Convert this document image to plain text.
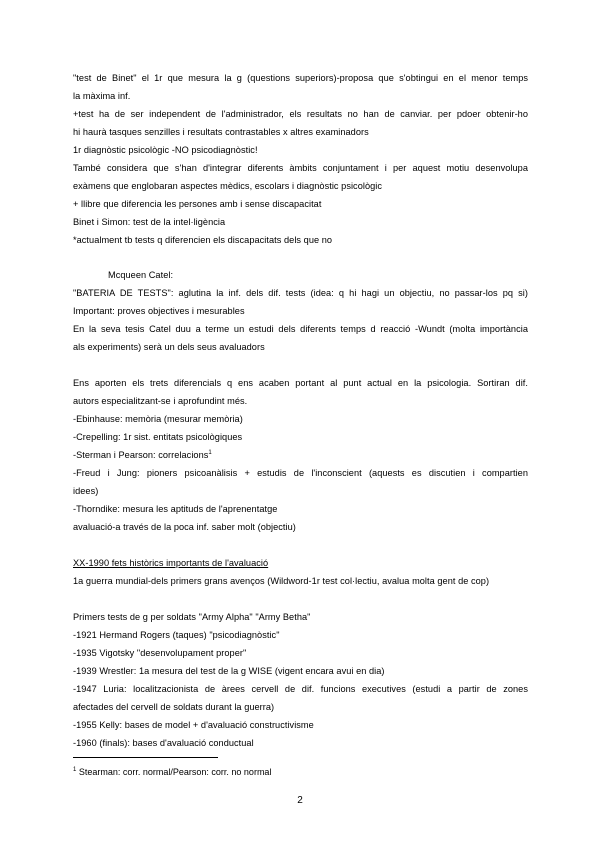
"test de Binet" el 1r que mesura la g (questions superiors)-proposa que s'obtingui en el menor temps
la màxima inf.
+test ha de ser independent de l'administrador, els resultats no han de canviar. per pdoer obtenir-ho
hi haurà tasques senzilles i resultats contrastables x altres examinadors
1r diagnòstic psicològic -NO psicodiagnòstic!
També considera que s'han d'integrar diferents àmbits conjuntament i per aquest motiu desenvolupa
exàmens que englobaran aspectes mèdics, escolars i diagnòstic psicològic
+ llibre que diferencia les persones amb i sense discapacitat
Binet i Simon: test de la intel·ligència
*actualment tb tests q diferencien els discapacitats dels que no
Mcqueen Catel:
"BATERIA DE TESTS": aglutina la inf. dels dif. tests (idea: q hi hagi un objectiu, no passar-los pq si)
Important: proves objectives i mesurables
En la seva tesis Catel duu a terme un estudi dels diferents temps d reacció -Wundt (molta importància
als experiments) serà un dels seus avaluadors
Ens aporten els trets diferencials q ens acaben portant al punt actual en la psicologia. Sortiran dif.
autors especialitzant-se i aprofundint més.
-Ebinhause: memòria (mesurar memòria)
-Crepelling: 1r sist. entitats psicològiques
-Sterman i Pearson: correlacions$^1$
-Freud i Jung: pioners psicoanàlisis + estudis de l'inconscient (aquests es discutien i compartien
idees)
-Thorndike: mesura les aptituds de l'aprenentatge
avaluació-a través de la poca inf. saber molt (objectiu)
XX-1990 fets històrics importants de l'avaluació
1a guerra mundial-dels primers grans avenços (Wildword-1r test col·lectiu, avalua molta gent de cop)
Primers tests de g per soldats "Army Alpha" "Army Betha"
-1921 Hermand Rogers (taques) "psicodiagnòstic"
-1935 Vigotsky "desenvolupament proper"
-1939 Wrestler: 1a mesura del test de la g WISE (vigent encara avui en dia)
-1947 Luria: localitzacionista de àrees cervell de dif. funcions executives (estudi a partir de zones
afectades del cervell de soldats durant la guerra)
-1955 Kelly: bases de model + d'avaluació constructivisme
-1960 (finals): bases d'avaluació conductual
$^1$ Stearman: corr. normal/Pearson: corr. no normal
2
